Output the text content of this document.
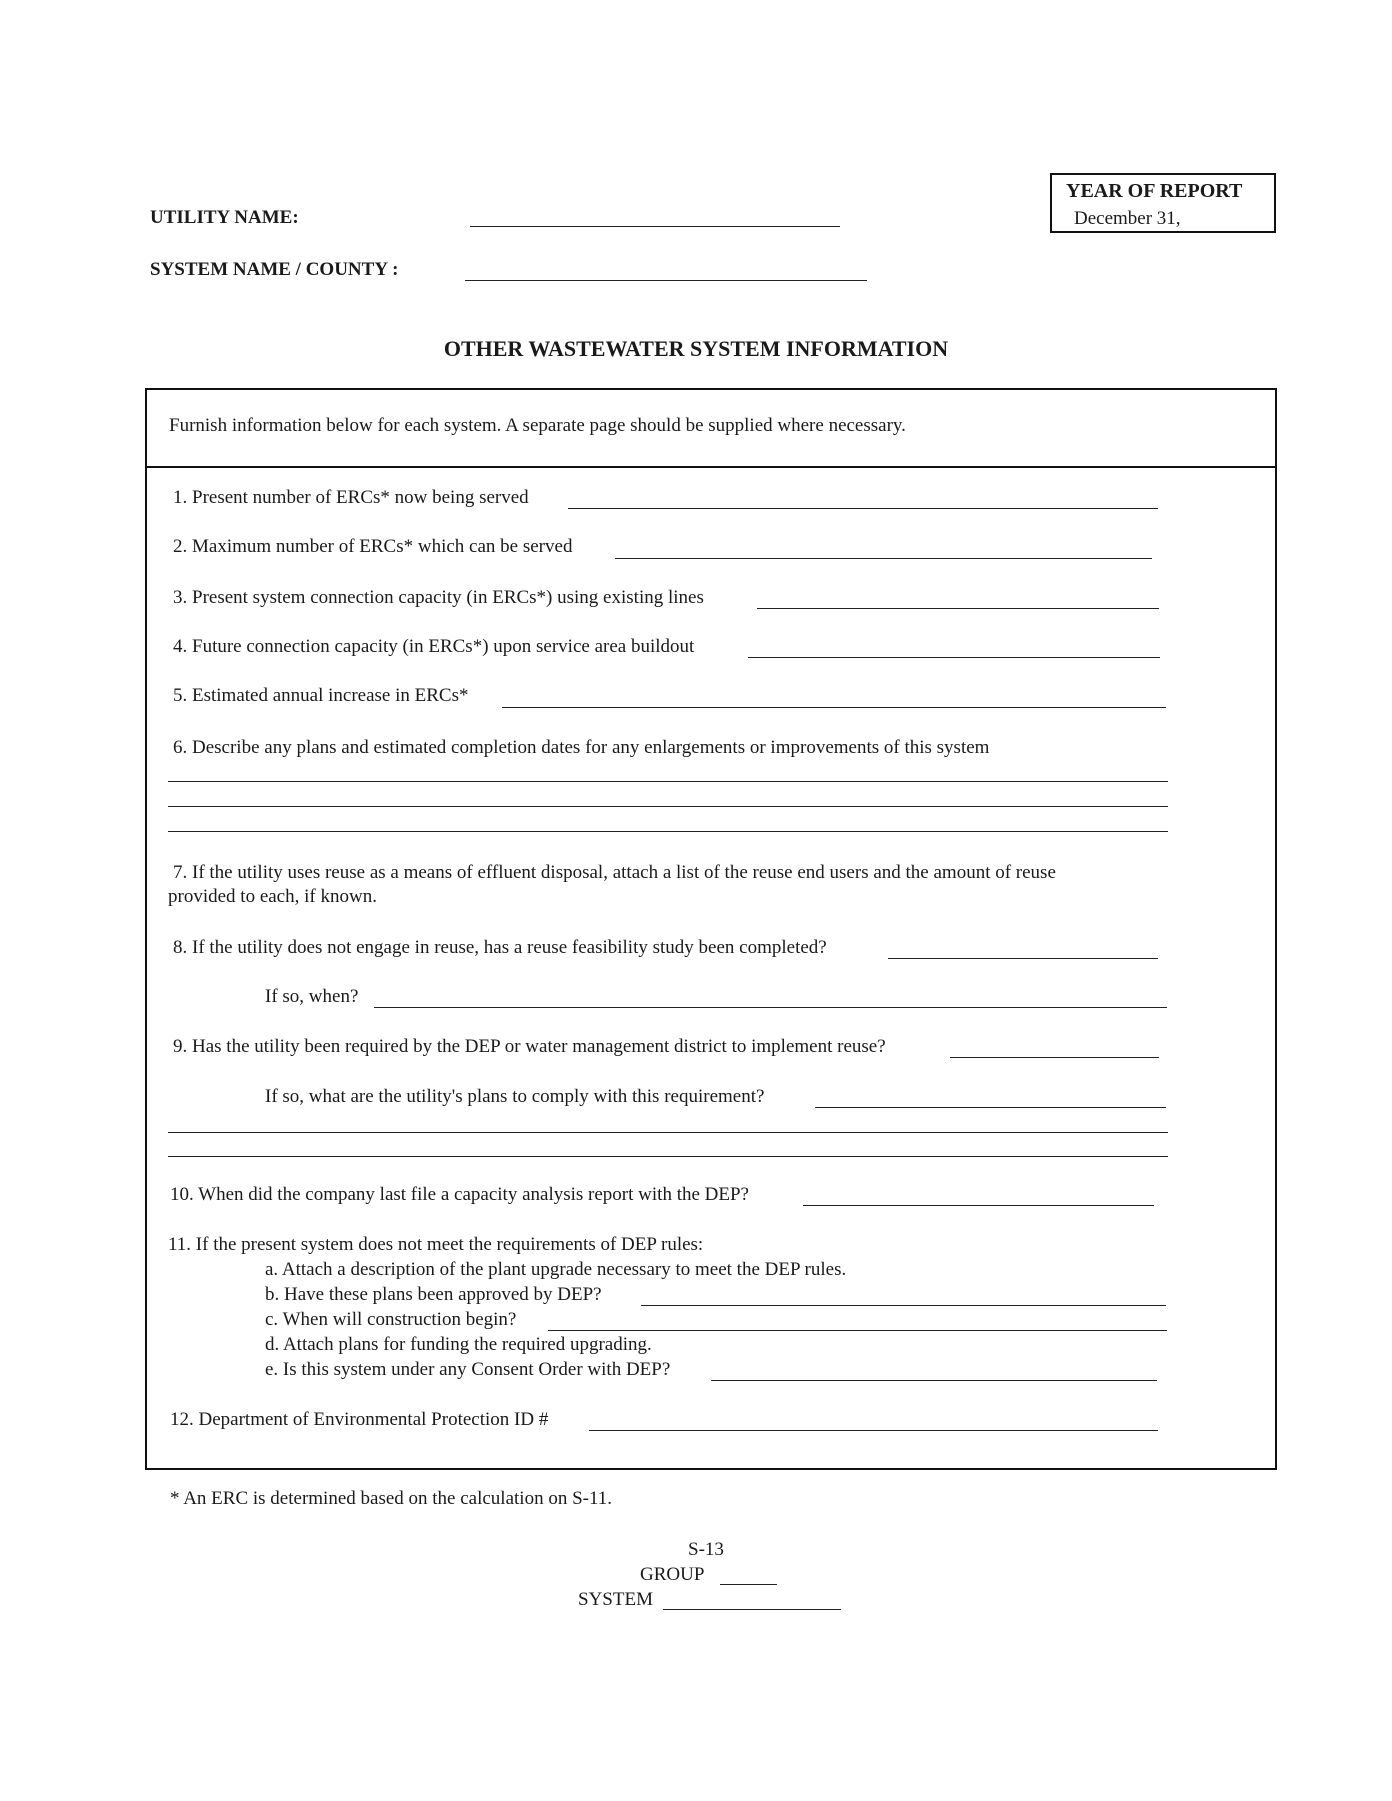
UTILITY NAME:
SYSTEM NAME / COUNTY :
YEAR OF REPORT
December 31,
OTHER WASTEWATER SYSTEM INFORMATION
Furnish information below for each system. A separate page should be supplied where necessary.
1. Present number of ERCs* now being served
2. Maximum number of ERCs* which can be served
3. Present system connection capacity (in ERCs*) using existing lines
4. Future connection capacity (in ERCs*) upon service area buildout
5. Estimated annual increase in ERCs*
6. Describe any plans and estimated completion dates for any enlargements or improvements of this system
7. If the utility uses reuse as a means of effluent disposal, attach a list of the reuse end users and the amount of reuse
provided to each, if known.
8. If the utility does not engage in reuse, has a reuse feasibility study been completed?
If so, when?
9. Has the utility been required by the DEP or water management district to implement reuse?
If so, what are the utility's plans to comply with this requirement?
10. When did the company last file a capacity analysis report with the DEP?
11. If the present system does not meet the requirements of DEP rules:
a. Attach a description of the plant upgrade necessary to meet the DEP rules.
b. Have these plans been approved by DEP?
c. When will construction begin?
d. Attach plans for funding the required upgrading.
e. Is this system under any Consent Order with DEP?
12. Department of Environmental Protection ID #
* An ERC is determined based on the calculation on S-11.
S-13
GROUP
SYSTEM
